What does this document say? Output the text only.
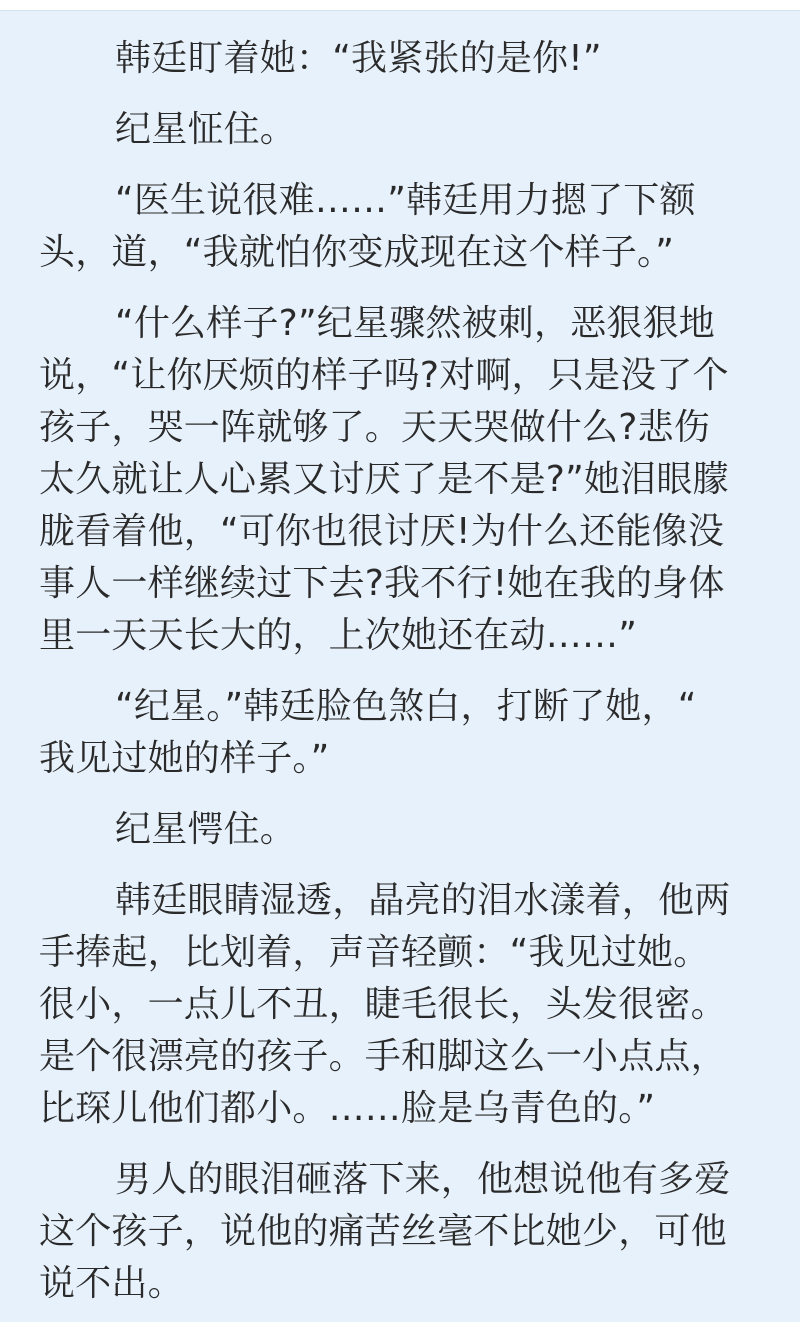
韩廷盯着她：“我紧张的是你!”

纪星怔住。

“医生说很难……”韩廷用力摁了下额
头，道，“我就怕你变成现在这个样子。”

“什么样子?”纪星骤然被刺，恶狠狠地
说，“让你厌烦的样子吗?对啊，只是没了个
孩子，哭一阵就够了。天天哭做什么?悲伤
太久就让人心累又讨厌了是不是?”她泪眼朦
胧看着他，“可你也很讨厌!为什么还能像没
事人一样继续过下去?我不行!她在我的身体
里一天天长大的，上次她还在动……”

“纪星。”韩廷脸色煞白，打断了她，“
我见过她的样子。”

纪星愕住。

韩廷眼睛湿透，晶亮的泪水漾着，他两
手捧起，比划着，声音轻颤：“我见过她。
很小，一点儿不丑，睫毛很长，头发很密。
是个很漂亮的孩子。手和脚这么一小点点，
比琛儿他们都小。……脸是乌青色的。”

男人的眼泪砸落下来，他想说他有多爱
这个孩子，说他的痛苦丝毫不比她少，可他
说不出。
